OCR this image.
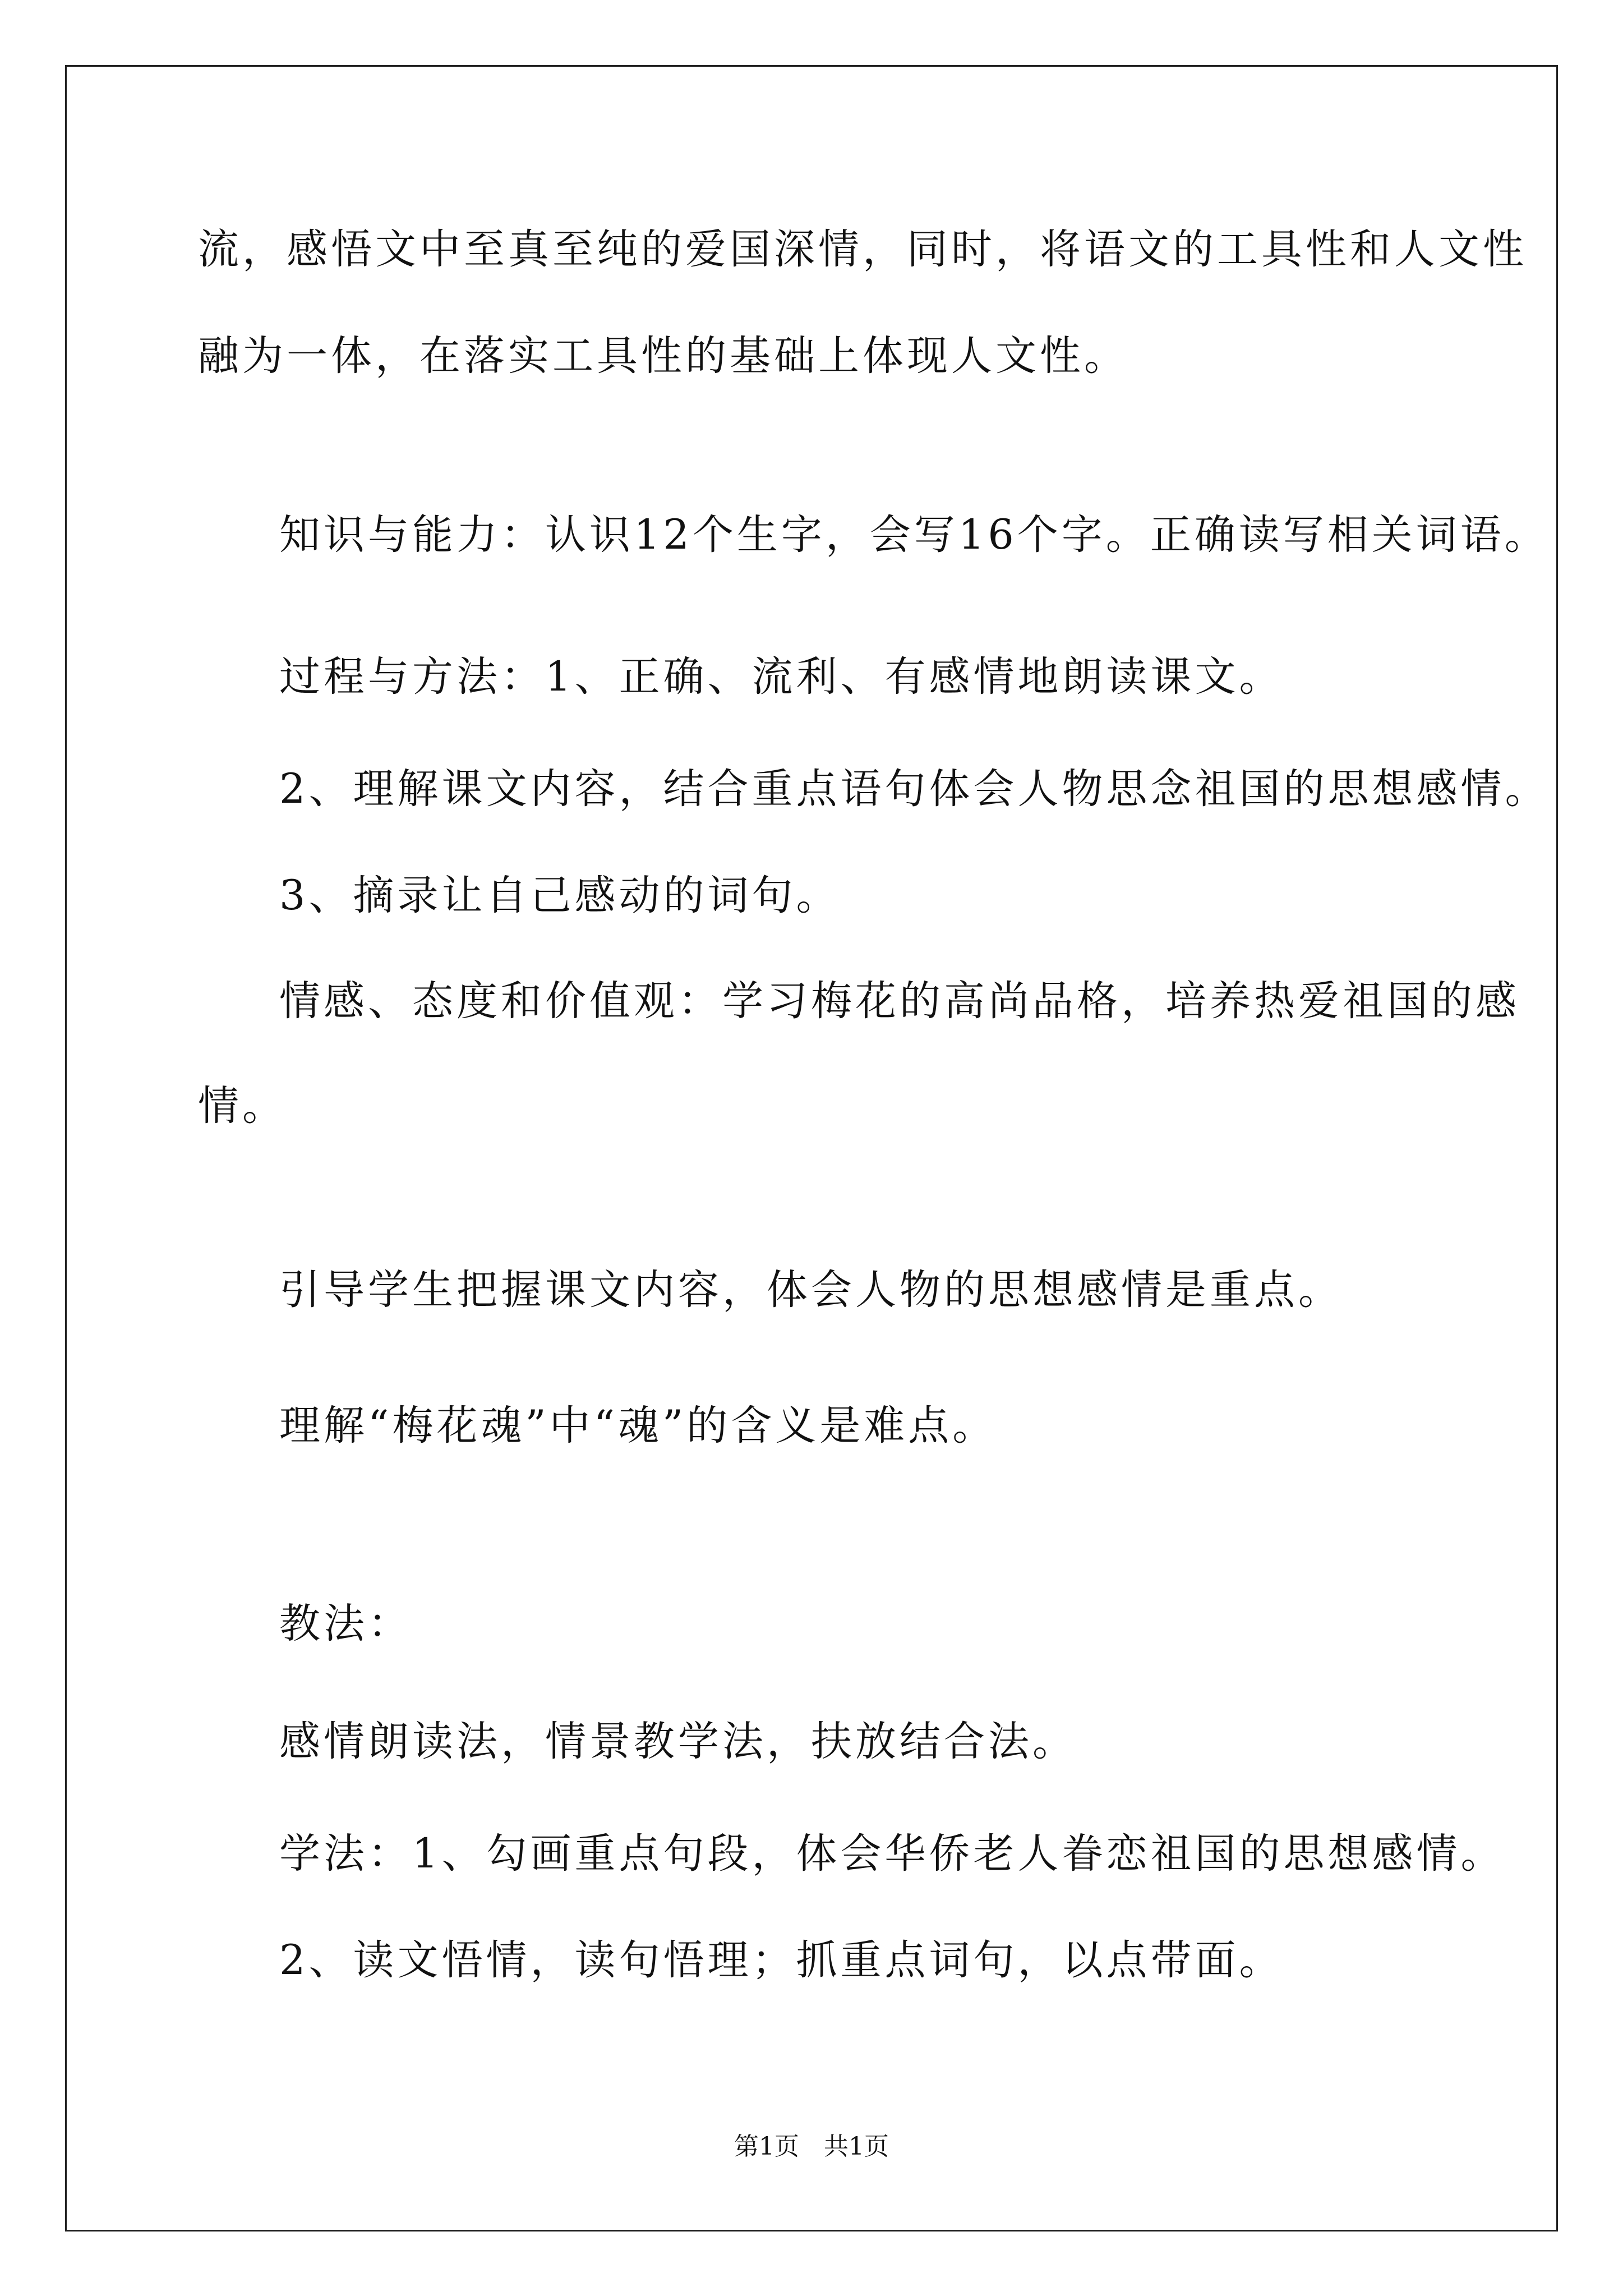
流，感悟文中至真至纯的爱国深情，同时，将语文的工具性和人文性
融为一体，在落实工具性的基础上体现人文性。
知识与能力：认识12个生字，会写16个字。正确读写相关词语。
过程与方法：1、正确、流利、有感情地朗读课文。
2、理解课文内容，结合重点语句体会人物思念祖国的思想感情。
3、摘录让自己感动的词句。
情感、态度和价值观：学习梅花的高尚品格，培养热爱祖国的感
情。
引导学生把握课文内容，体会人物的思想感情是重点。
理解“梅花魂”中“魂”的含义是难点。
教法：
感情朗读法，情景教学法，扶放结合法。
学法：1、勾画重点句段，体会华侨老人眷恋祖国的思想感情。
2、读文悟情，读句悟理；抓重点词句，以点带面。
第1页 共1页
